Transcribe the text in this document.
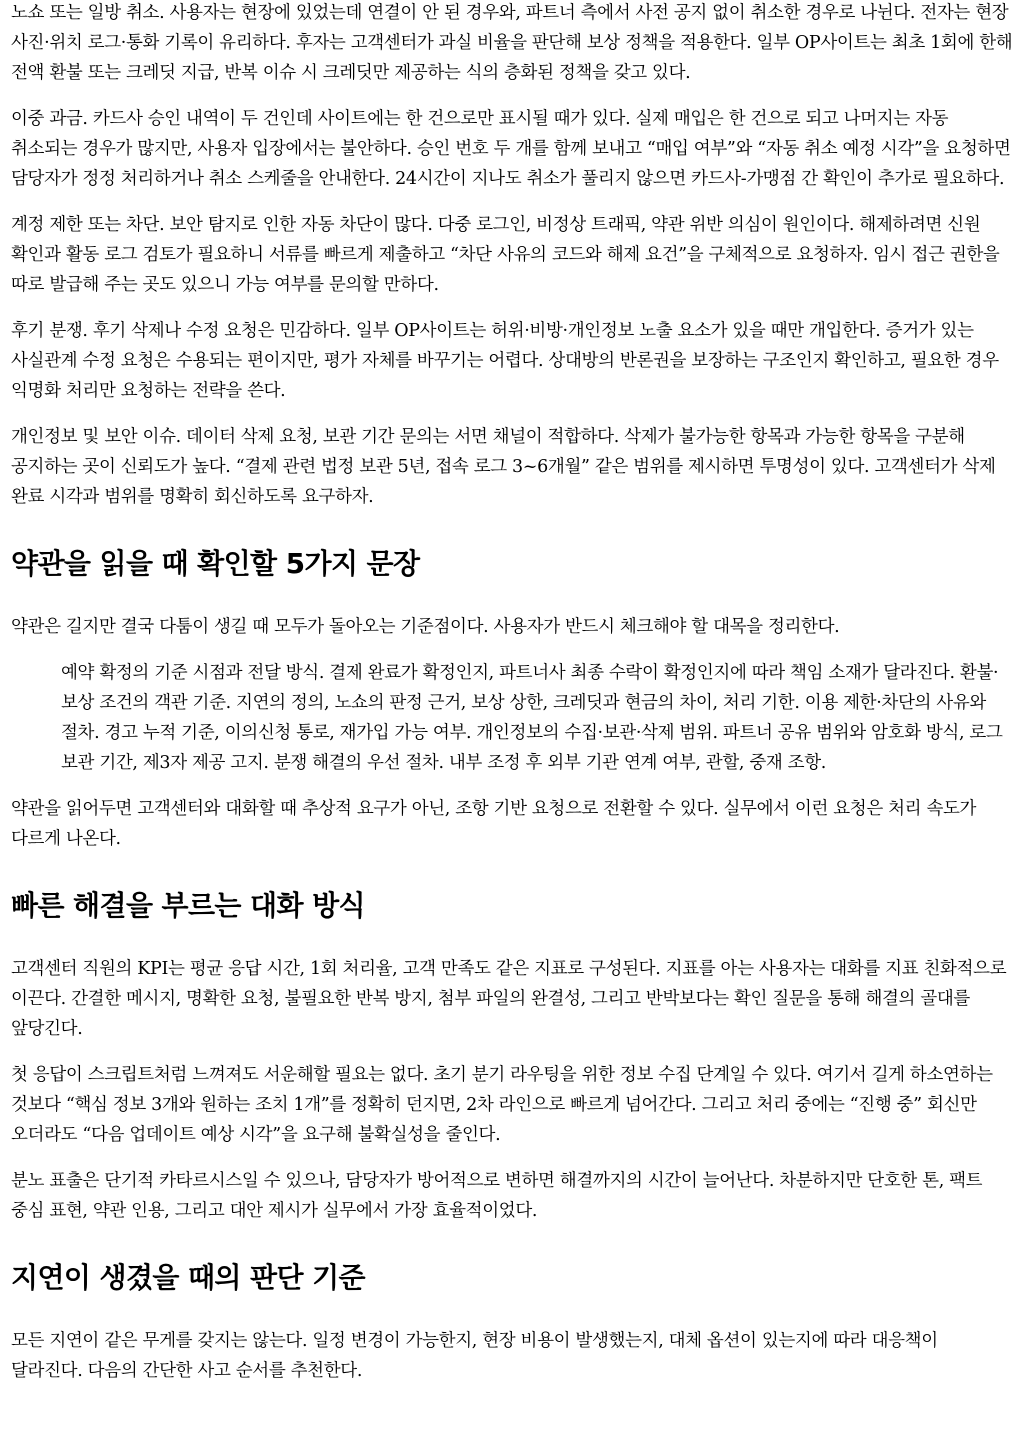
노쇼 또는 일방 취소. 사용자는 현장에 있었는데 연결이 안 된 경우와, 파트너 측에서 사전 공지 없이 취소한 경우로 나뉜다. 전자는 현장 사진·위치 로그·통화 기록이 유리하다. 후자는 고객센터가 과실 비율을 판단해 보상 정책을 적용한다. 일부 OP사이트는 최초 1회에 한해 전액 환불 또는 크레딧 지급, 반복 이슈 시 크레딧만 제공하는 식의 층화된 정책을 갖고 있다.

이중 과금. 카드사 승인 내역이 두 건인데 사이트에는 한 건으로만 표시될 때가 있다. 실제 매입은 한 건으로 되고 나머지는 자동 취소되는 경우가 많지만, 사용자 입장에서는 불안하다. 승인 번호 두 개를 함께 보내고 “매입 여부”와 “자동 취소 예정 시각”을 요청하면 담당자가 정정 처리하거나 취소 스케줄을 안내한다. 24시간이 지나도 취소가 풀리지 않으면 카드사-가맹점 간 확인이 추가로 필요하다.

계정 제한 또는 차단. 보안 탐지로 인한 자동 차단이 많다. 다중 로그인, 비정상 트래픽, 약관 위반 의심이 원인이다. 해제하려면 신원 확인과 활동 로그 검토가 필요하니 서류를 빠르게 제출하고 “차단 사유의 코드와 해제 요건”을 구체적으로 요청하자. 임시 접근 권한을 따로 발급해 주는 곳도 있으니 가능 여부를 문의할 만하다.

후기 분쟁. 후기 삭제나 수정 요청은 민감하다. 일부 OP사이트는 허위·비방·개인정보 노출 요소가 있을 때만 개입한다. 증거가 있는 사실관계 수정 요청은 수용되는 편이지만, 평가 자체를 바꾸기는 어렵다. 상대방의 반론권을 보장하는 구조인지 확인하고, 필요한 경우 익명화 처리만 요청하는 전략을 쓴다.

개인정보 및 보안 이슈. 데이터 삭제 요청, 보관 기간 문의는 서면 채널이 적합하다. 삭제가 불가능한 항목과 가능한 항목을 구분해 공지하는 곳이 신뢰도가 높다. “결제 관련 법정 보관 5년, 접속 로그 3~6개월” 같은 범위를 제시하면 투명성이 있다. 고객센터가 삭제 완료 시각과 범위를 명확히 회신하도록 요구하자.

약관을 읽을 때 확인할 5가지 문장

약관은 길지만 결국 다툼이 생길 때 모두가 돌아오는 기준점이다. 사용자가 반드시 체크해야 할 대목을 정리한다.

예약 확정의 기준 시점과 전달 방식. 결제 완료가 확정인지, 파트너사 최종 수락이 확정인지에 따라 책임 소재가 달라진다. 환불·보상 조건의 객관 기준. 지연의 정의, 노쇼의 판정 근거, 보상 상한, 크레딧과 현금의 차이, 처리 기한. 이용 제한·차단의 사유와 절차. 경고 누적 기준, 이의신청 통로, 재가입 가능 여부. 개인정보의 수집·보관·삭제 범위. 파트너 공유 범위와 암호화 방식, 로그 보관 기간, 제3자 제공 고지. 분쟁 해결의 우선 절차. 내부 조정 후 외부 기관 연계 여부, 관할, 중재 조항.

약관을 읽어두면 고객센터와 대화할 때 추상적 요구가 아닌, 조항 기반 요청으로 전환할 수 있다. 실무에서 이런 요청은 처리 속도가 다르게 나온다.

빠른 해결을 부르는 대화 방식

고객센터 직원의 KPI는 평균 응답 시간, 1회 처리율, 고객 만족도 같은 지표로 구성된다. 지표를 아는 사용자는 대화를 지표 친화적으로 이끈다. 간결한 메시지, 명확한 요청, 불필요한 반복 방지, 첨부 파일의 완결성, 그리고 반박보다는 확인 질문을 통해 해결의 골대를 앞당긴다.

첫 응답이 스크립트처럼 느껴져도 서운해할 필요는 없다. 초기 분기 라우팅을 위한 정보 수집 단계일 수 있다. 여기서 길게 하소연하는 것보다 “핵심 정보 3개와 원하는 조치 1개”를 정확히 던지면, 2차 라인으로 빠르게 넘어간다. 그리고 처리 중에는 “진행 중” 회신만 오더라도 “다음 업데이트 예상 시각”을 요구해 불확실성을 줄인다.

분노 표출은 단기적 카타르시스일 수 있으나, 담당자가 방어적으로 변하면 해결까지의 시간이 늘어난다. 차분하지만 단호한 톤, 팩트 중심 표현, 약관 인용, 그리고 대안 제시가 실무에서 가장 효율적이었다.

지연이 생겼을 때의 판단 기준

모든 지연이 같은 무게를 갖지는 않는다. 일정 변경이 가능한지, 현장 비용이 발생했는지, 대체 옵션이 있는지에 따라 대응책이 달라진다. 다음의 간단한 사고 순서를 추천한다.
